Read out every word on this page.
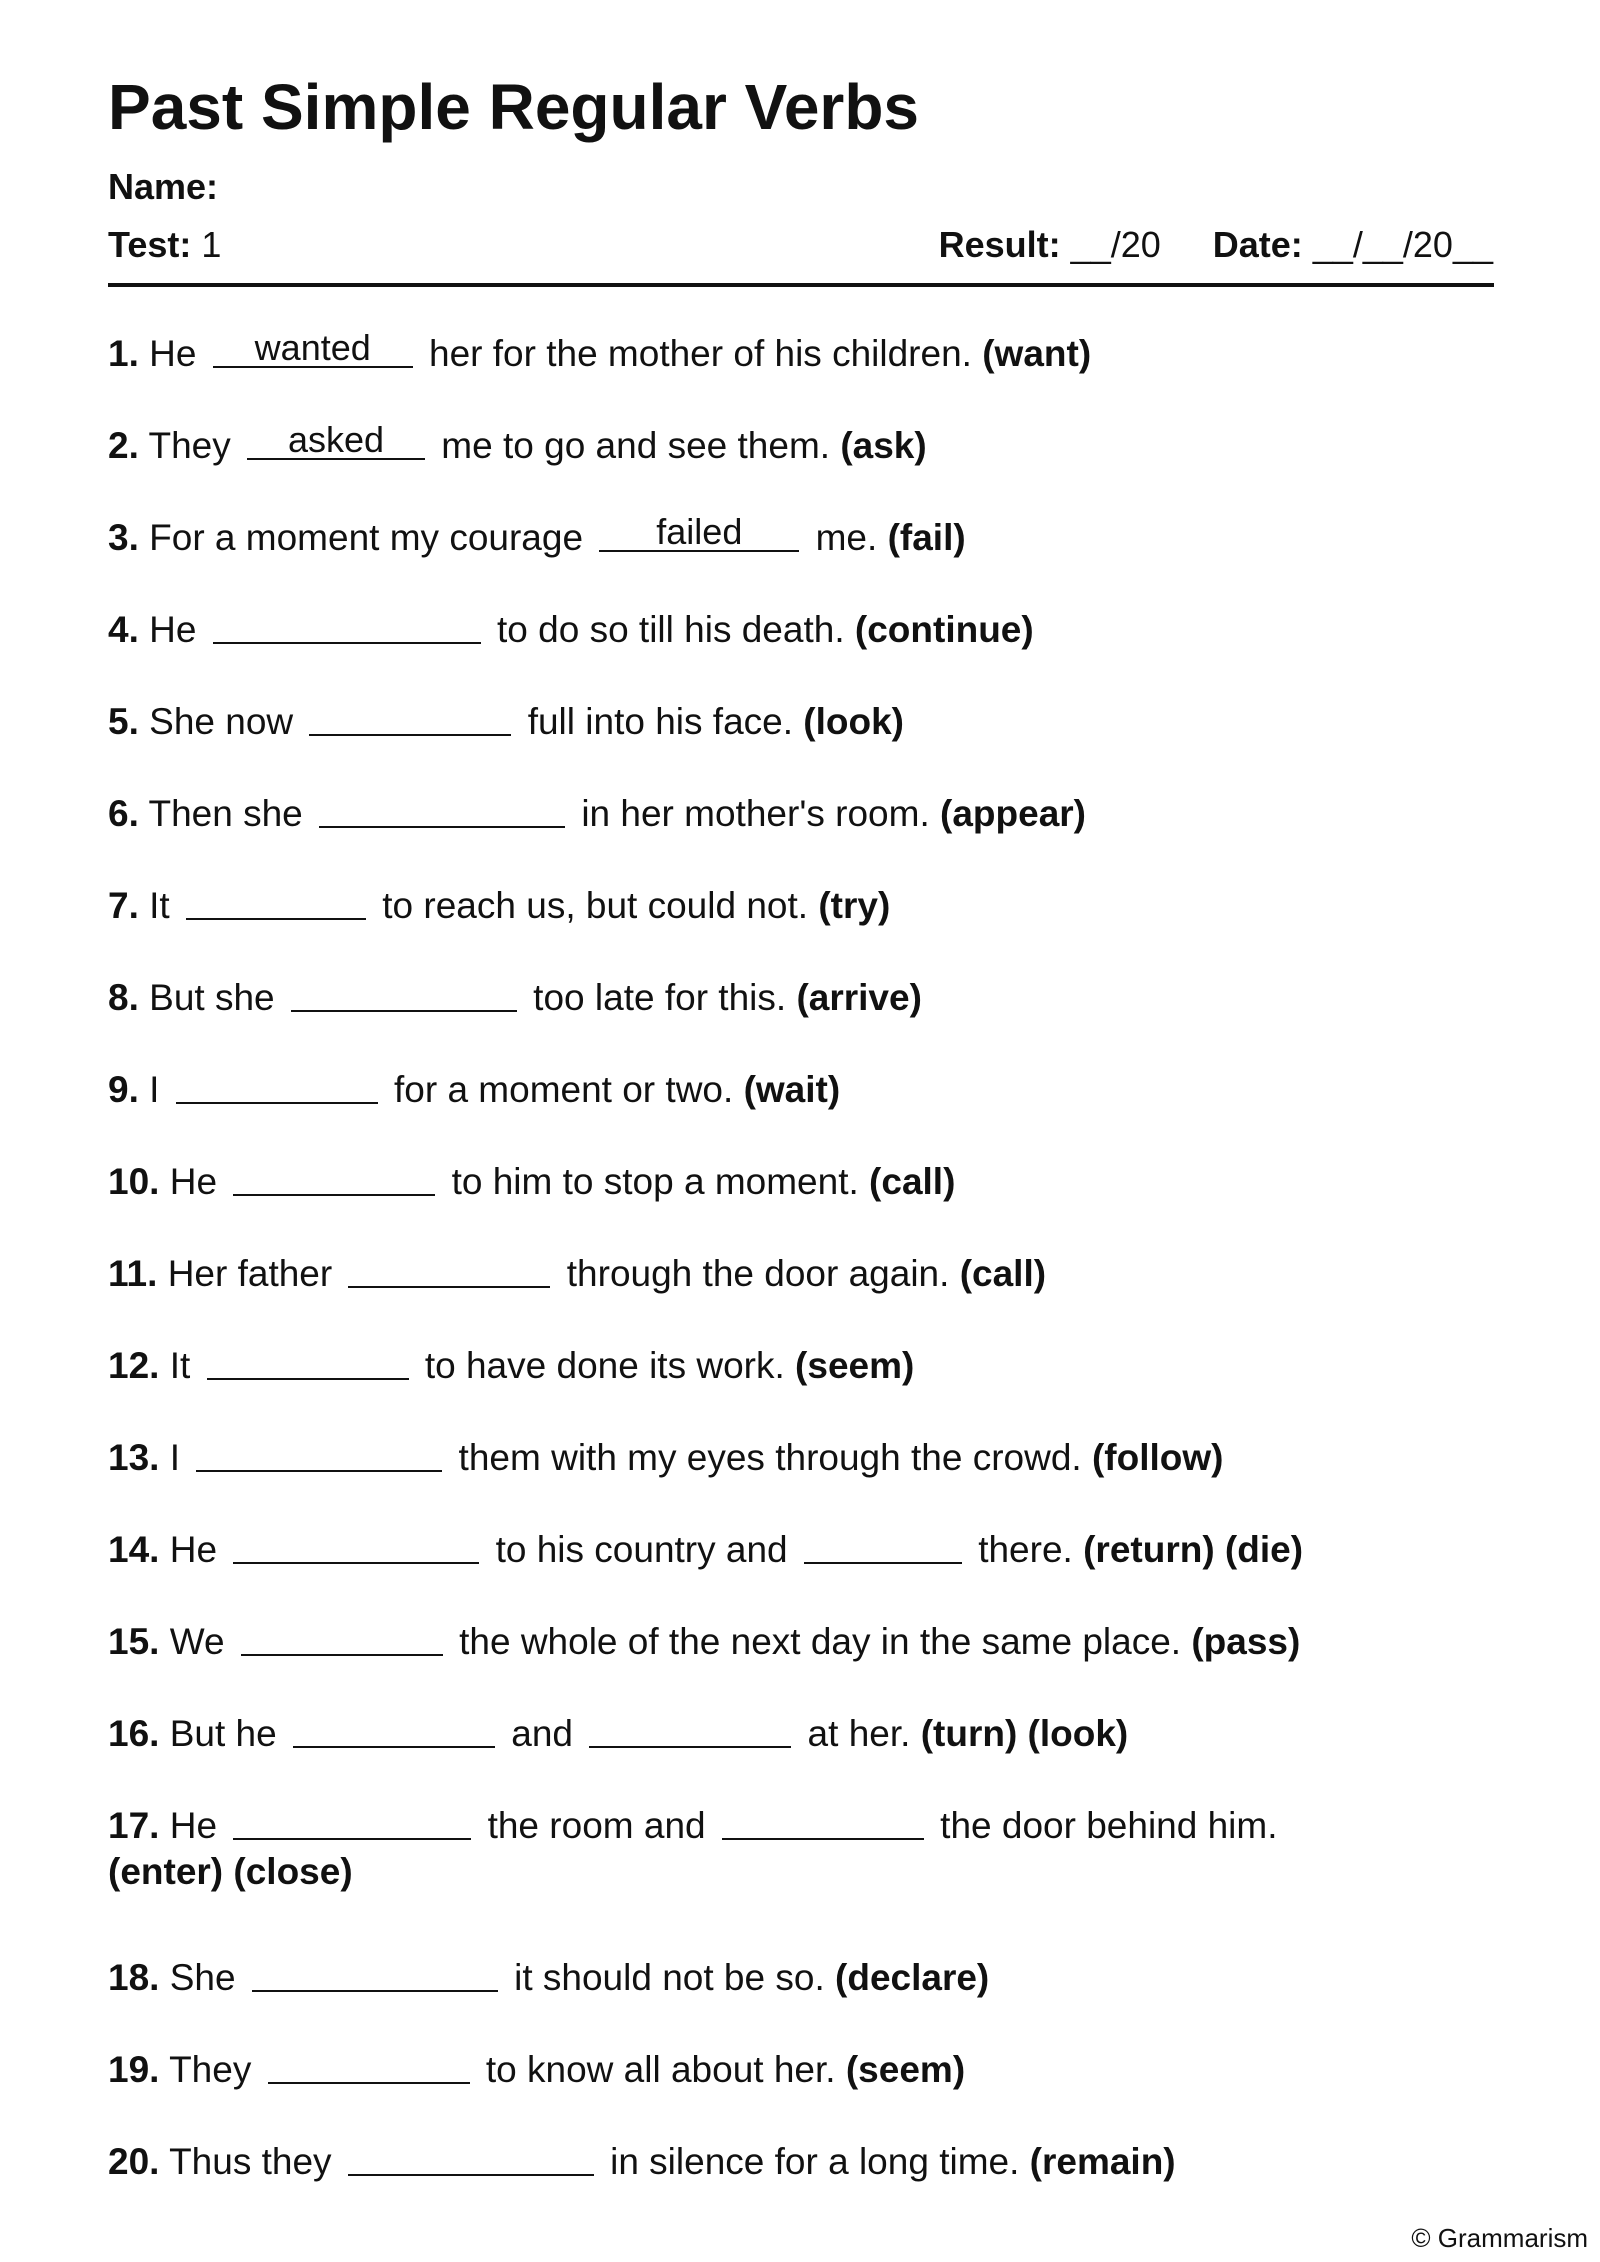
Past Simple Regular Verbs
Name:
Test: 1	Result: __/20 Date: __/__/20__
1. He	wanted	her for the mother of his children. (want)
2. They	asked	me to go and see them. (ask)
3. For a moment my courage	failed	me. (fail)
4. He	to do so till his death. (continue)
5. She now	full into his face. (look)
6. Then she	in her mother's room. (appear)
7. It	to reach us, but could not. (try)
8. But she	too late for this. (arrive)
9. I	for a moment or two. (wait)
10. He	to him to stop a moment. (call)
11. Her father	through the door again. (call)
12. It	to have done its work. (seem)
13. I	them with my eyes through the crowd. (follow)
14. He	to his country and	there. (return) (die)
15. We	the whole of the next day in the same place. (pass)
16. But he	and	at her. (turn) (look)
17. He	the room and	the door behind him.
(enter) (close)
18. She	it should not be so. (declare)
19. They	to know all about her. (seem)
20. Thus they	in silence for a long time. (remain)
© Grammarism
